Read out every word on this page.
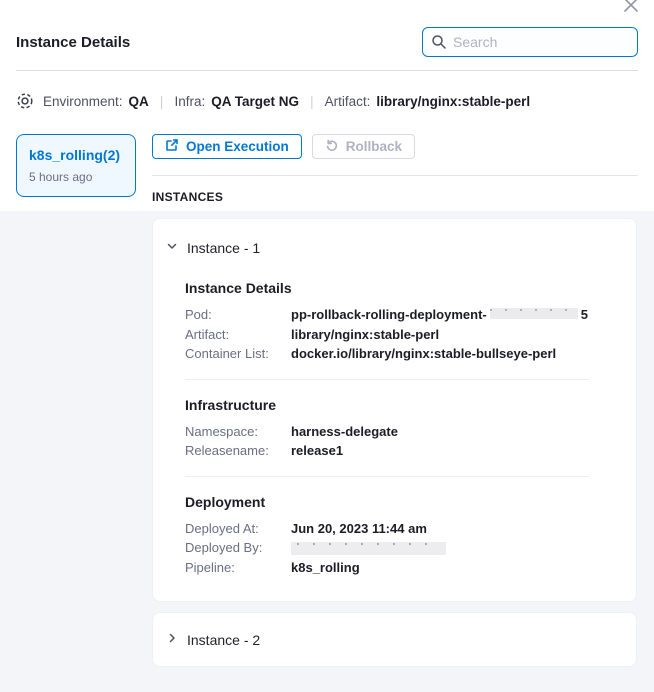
Instance Details
Search
Environment: QA | Infra: QA Target NG | Artifact: library/nginx:stable-perl
k8s_rolling(2)
5 hours ago
Open Execution	Rollback
INSTANCES
Instance - 1
Instance Details
Pod:	pp-rollback-rolling-deployment-	5
Artifact:	library/nginx:stable-perl
Container List:	docker.io/library/nginx:stable-bullseye-perl
Infrastructure
Namespace:	harness-delegate
Releasename:	release1
Deployment
Deployed At:	Jun 20, 2023 11:44 am
Deployed By:
Pipeline:	k8s_rolling
Instance - 2
